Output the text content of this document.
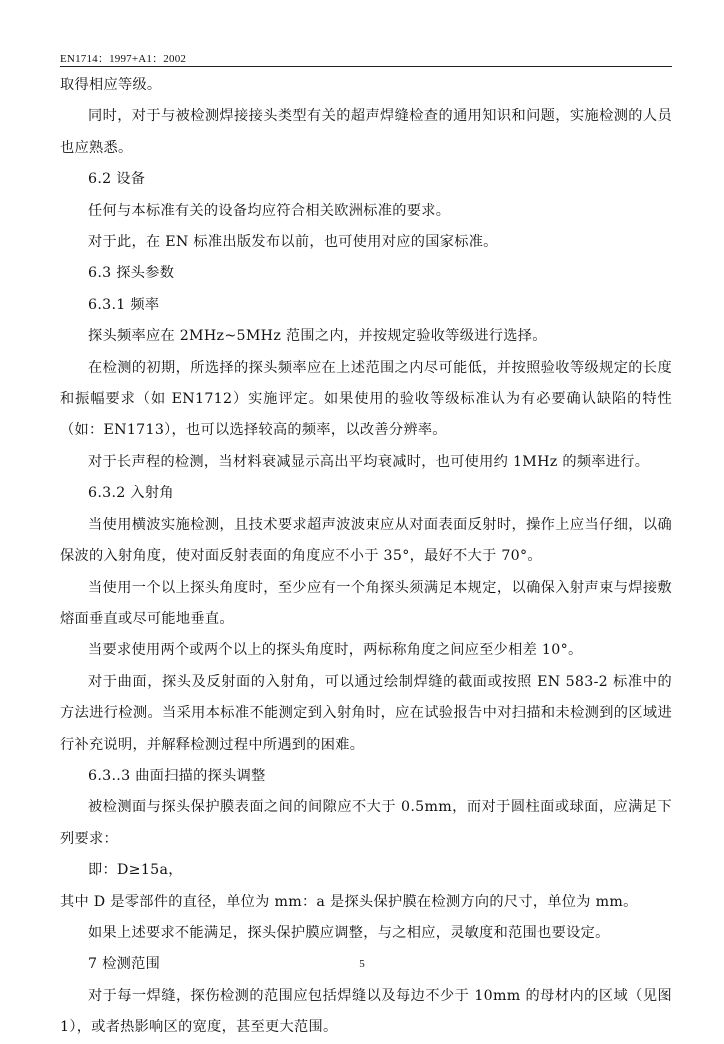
EN1714：1997+A1：2002

取得相应等级。

同时，对于与被检测焊接接头类型有关的超声焊缝检查的通用知识和问题，实施检测的人员也应熟悉。

6.2 设备

任何与本标准有关的设备均应符合相关欧洲标准的要求。

对于此，在 EN 标准出版发布以前，也可使用对应的国家标准。

6.3 探头参数

6.3.1 频率

探头频率应在 2MHz~5MHz 范围之内，并按规定验收等级进行选择。

在检测的初期，所选择的探头频率应在上述范围之内尽可能低，并按照验收等级规定的长度和振幅要求（如 EN1712）实施评定。如果使用的验收等级标准认为有必要确认缺陷的特性（如：EN1713），也可以选择较高的频率，以改善分辨率。

对于长声程的检测，当材料衰减显示高出平均衰减时，也可使用约 1MHz 的频率进行。

6.3.2 入射角

当使用横波实施检测，且技术要求超声波波束应从对面表面反射时，操作上应当仔细，以确保波的入射角度，使对面反射表面的角度应不小于 35°，最好不大于 70°。

当使用一个以上探头角度时，至少应有一个角探头须满足本规定，以确保入射声束与焊接敷熔面垂直或尽可能地垂直。

当要求使用两个或两个以上的探头角度时，两标称角度之间应至少相差 10°。

对于曲面，探头及反射面的入射角，可以通过绘制焊缝的截面或按照 EN 583-2 标准中的方法进行检测。当采用本标准不能测定到入射角时，应在试验报告中对扫描和未检测到的区域进行补充说明，并解释检测过程中所遇到的困难。

6.3..3 曲面扫描的探头调整

被检测面与探头保护膜表面之间的间隙应不大于 0.5mm，而对于圆柱面或球面，应满足下列要求：

即：D≥15a，

其中 D 是零部件的直径，单位为 mm：a 是探头保护膜在检测方向的尺寸，单位为 mm。

如果上述要求不能满足，探头保护膜应调整，与之相应，灵敏度和范围也要设定。

7 检测范围

对于每一焊缝，探伤检测的范围应包括焊缝以及每边不少于 10mm 的母材内的区域（见图 1），或者热影响区的宽度，甚至更大范围。

5
